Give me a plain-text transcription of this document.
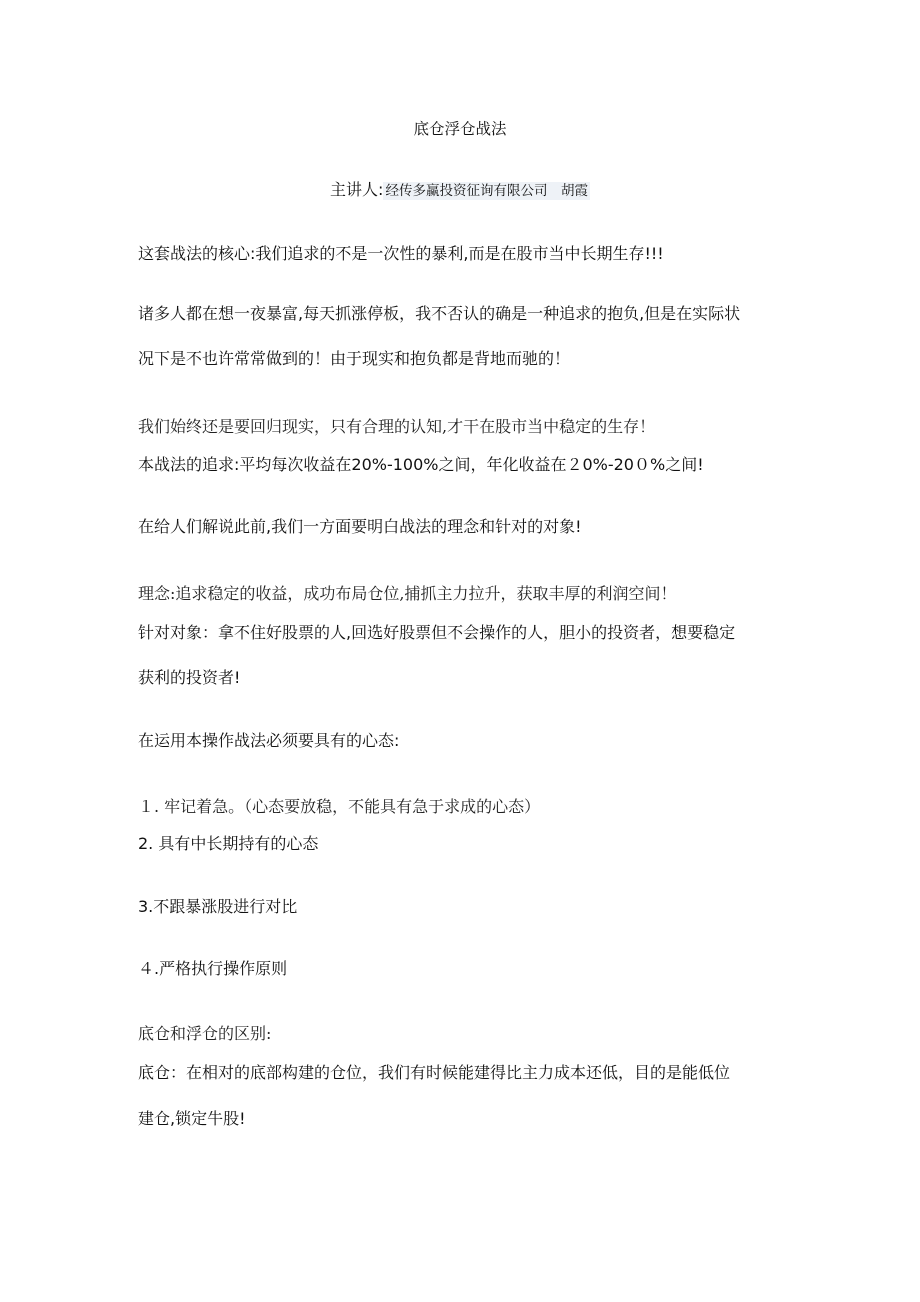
底仓浮仓战法
主讲人: 经传多赢投资征询有限公司　胡霞
这套战法的核心:我们追求的不是一次性的暴利,而是在股市当中长期生存!!!
诸多人都在想一夜暴富,每天抓涨停板，我不否认的确是一种追求的抱负,但是在实际状
况下是不也许常常做到的！由于现实和抱负都是背地而驰的！
我们始终还是要回归现实，只有合理的认知,才干在股市当中稳定的生存！
本战法的追求:平均每次收益在20%-100%之间，年化收益在２0%-20０%之间!
在给人们解说此前,我们一方面要明白战法的理念和针对的对象!
理念:追求稳定的收益，成功布局仓位,捕抓主力拉升，获取丰厚的利润空间！
针对对象：拿不住好股票的人,回选好股票但不会操作的人，胆小的投资者，想要稳定
获利的投资者!
在运用本操作战法必须要具有的心态:
１. 牢记着急。（心态要放稳，不能具有急于求成的心态）
2. 具有中长期持有的心态
3.不跟暴涨股进行对比
４.严格执行操作原则
底仓和浮仓的区别:
底仓：在相对的底部构建的仓位，我们有时候能建得比主力成本还低，目的是能低位
建仓,锁定牛股!
